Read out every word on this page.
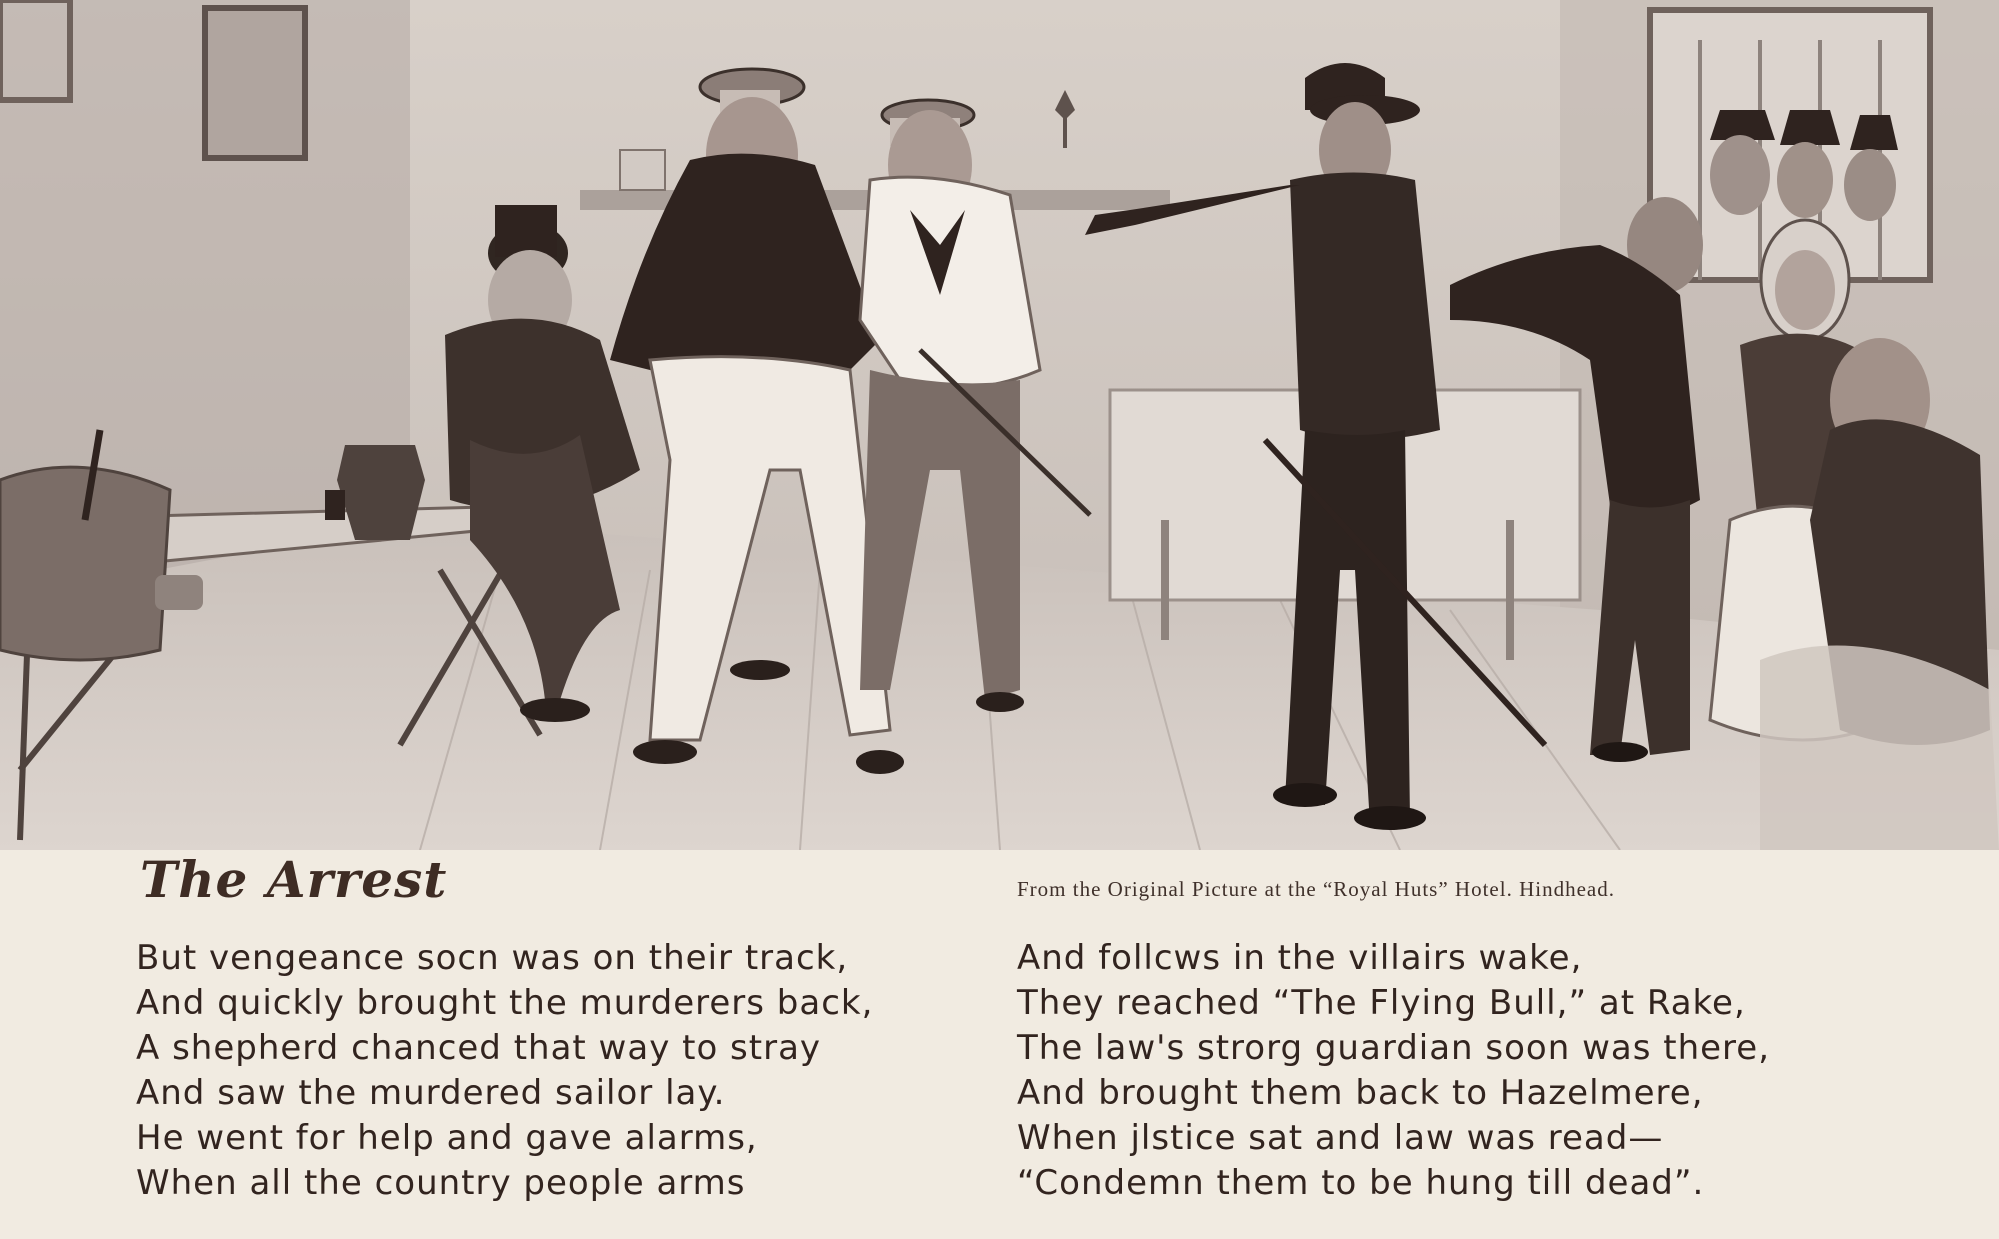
The Arrest	From the Original Picture at the “Royal Huts” Hotel. Hindhead.
But vengeance socn was on their track,
And quickly brought the murderers back,
A shepherd chanced that way to stray
And saw the murdered sailor lay.
He went for help and gave alarms,
When all the country people arms
And follcws in the villairs wake,
They reached “The Flying Bull,” at Rake,
The law's strorg guardian soon was there,
And brought them back to Hazelmere,
When jlstice sat and law was read—
“Condemn them to be hung till dead”.
